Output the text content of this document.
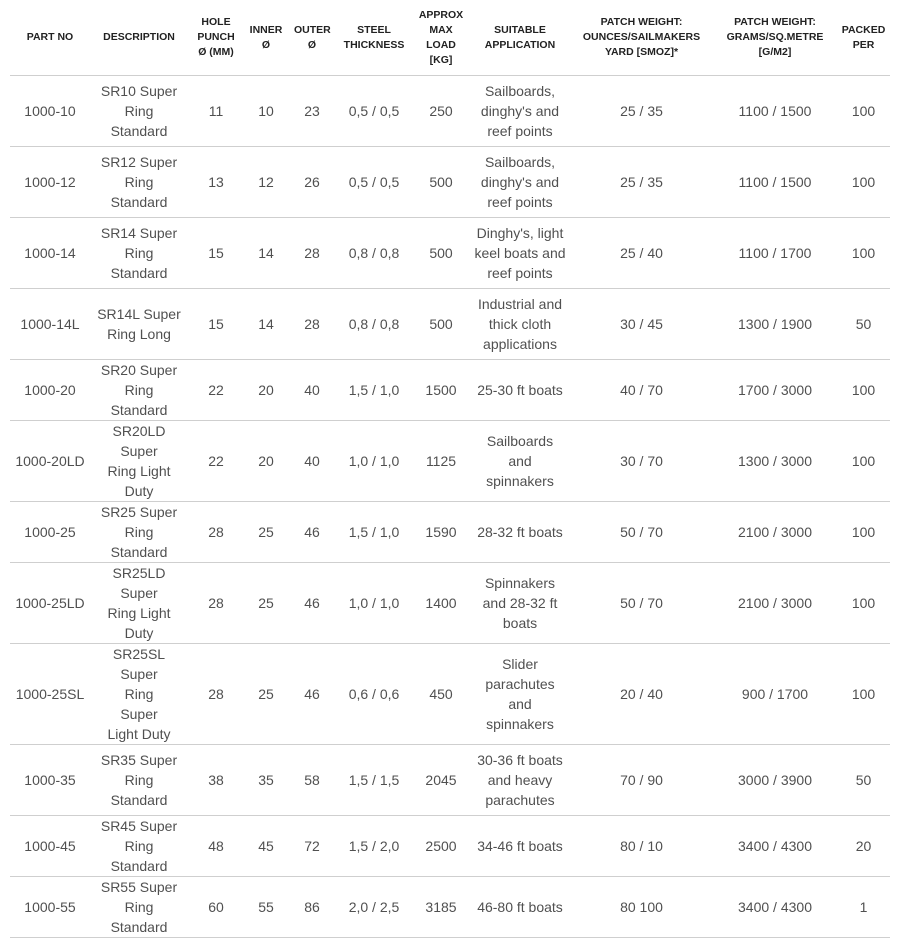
PART NO	DESCRIPTION	HOLE PUNCH Ø (MM)	INNER Ø	OUTER Ø	STEEL THICKNESS	APPROX MAX LOAD [KG]	SUITABLE APPLICATION	PATCH WEIGHT: OUNCES/SAILMAKERS YARD [SMOZ]*	PATCH WEIGHT: GRAMS/SQ.METRE [G/M2]	PACKED PER

1000-10	SR10 Super Ring Standard	11	10	23	0,5 / 0,5	250	Sailboards, dinghy's and reef points	25 / 35	1100 / 1500	100
1000-12	SR12 Super Ring Standard	13	12	26	0,5 / 0,5	500	Sailboards, dinghy's and reef points	25 / 35	1100 / 1500	100
1000-14	SR14 Super Ring Standard	15	14	28	0,8 / 0,8	500	Dinghy's, light keel boats and reef points	25 / 40	1100 / 1700	100
1000-14L	SR14L Super Ring Long	15	14	28	0,8 / 0,8	500	Industrial and thick cloth applications	30 / 45	1300 / 1900	50
1000-20	SR20 Super Ring Standard	22	20	40	1,5 / 1,0	1500	25-30 ft boats	40 / 70	1700 / 3000	100
1000-20LD	SR20LD Super Ring Light Duty	22	20	40	1,0 / 1,0	1125	Sailboards and spinnakers	30 / 70	1300 / 3000	100
1000-25	SR25 Super Ring Standard	28	25	46	1,5 / 1,0	1590	28-32 ft boats	50 / 70	2100 / 3000	100
1000-25LD	SR25LD Super Ring Light Duty	28	25	46	1,0 / 1,0	1400	Spinnakers and 28-32 ft boats	50 / 70	2100 / 3000	100
1000-25SL	SR25SL Super Ring Super Light Duty	28	25	46	0,6 / 0,6	450	Slider parachutes and spinnakers	20 / 40	900 / 1700	100
1000-35	SR35 Super Ring Standard	38	35	58	1,5 / 1,5	2045	30-36 ft boats and heavy parachutes	70 / 90	3000 / 3900	50
1000-45	SR45 Super Ring Standard	48	45	72	1,5 / 2,0	2500	34-46 ft boats	80 / 10	3400 / 4300	20
1000-55	SR55 Super Ring Standard	60	55	86	2,0 / 2,5	3185	46-80 ft boats	80 100	3400 / 4300	1
